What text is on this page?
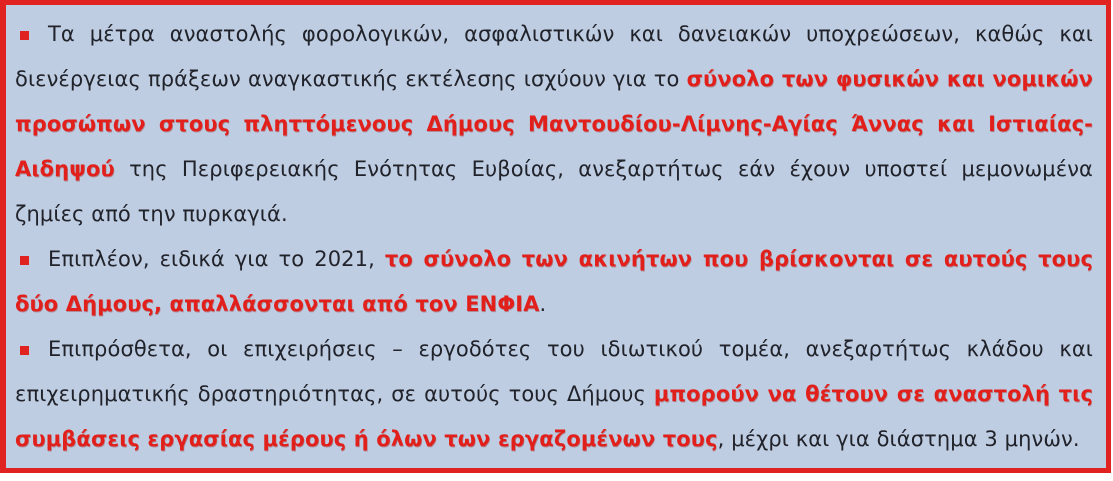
Τα μέτρα αναστολής φορολογικών, ασφαλιστικών και δανειακών υποχρεώσεων, καθώς και διενέργειας πράξεων αναγκαστικής εκτέλεσης ισχύουν για το σύνολο των φυσικών και νομικών προσώπων στους πληττόμενους Δήμους Μαντουδίου-Λίμνης-Αγίας Άννας και Ιστιαίας-Αιδηψού της Περιφερειακής Ενότητας Ευβοίας, ανεξαρτήτως εάν έχουν υποστεί μεμονωμένα ζημίες από την πυρκαγιά.

Επιπλέον, ειδικά για το 2021, το σύνολο των ακινήτων που βρίσκονται σε αυτούς τους δύο Δήμους, απαλλάσσονται από τον ΕΝΦΙΑ.

Επιπρόσθετα, οι επιχειρήσεις – εργοδότες του ιδιωτικού τομέα, ανεξαρτήτως κλάδου και επιχειρηματικής δραστηριότητας, σε αυτούς τους Δήμους μπορούν να θέτουν σε αναστολή τις συμβάσεις εργασίας μέρους ή όλων των εργαζομένων τους, μέχρι και για διάστημα 3 μηνών.
